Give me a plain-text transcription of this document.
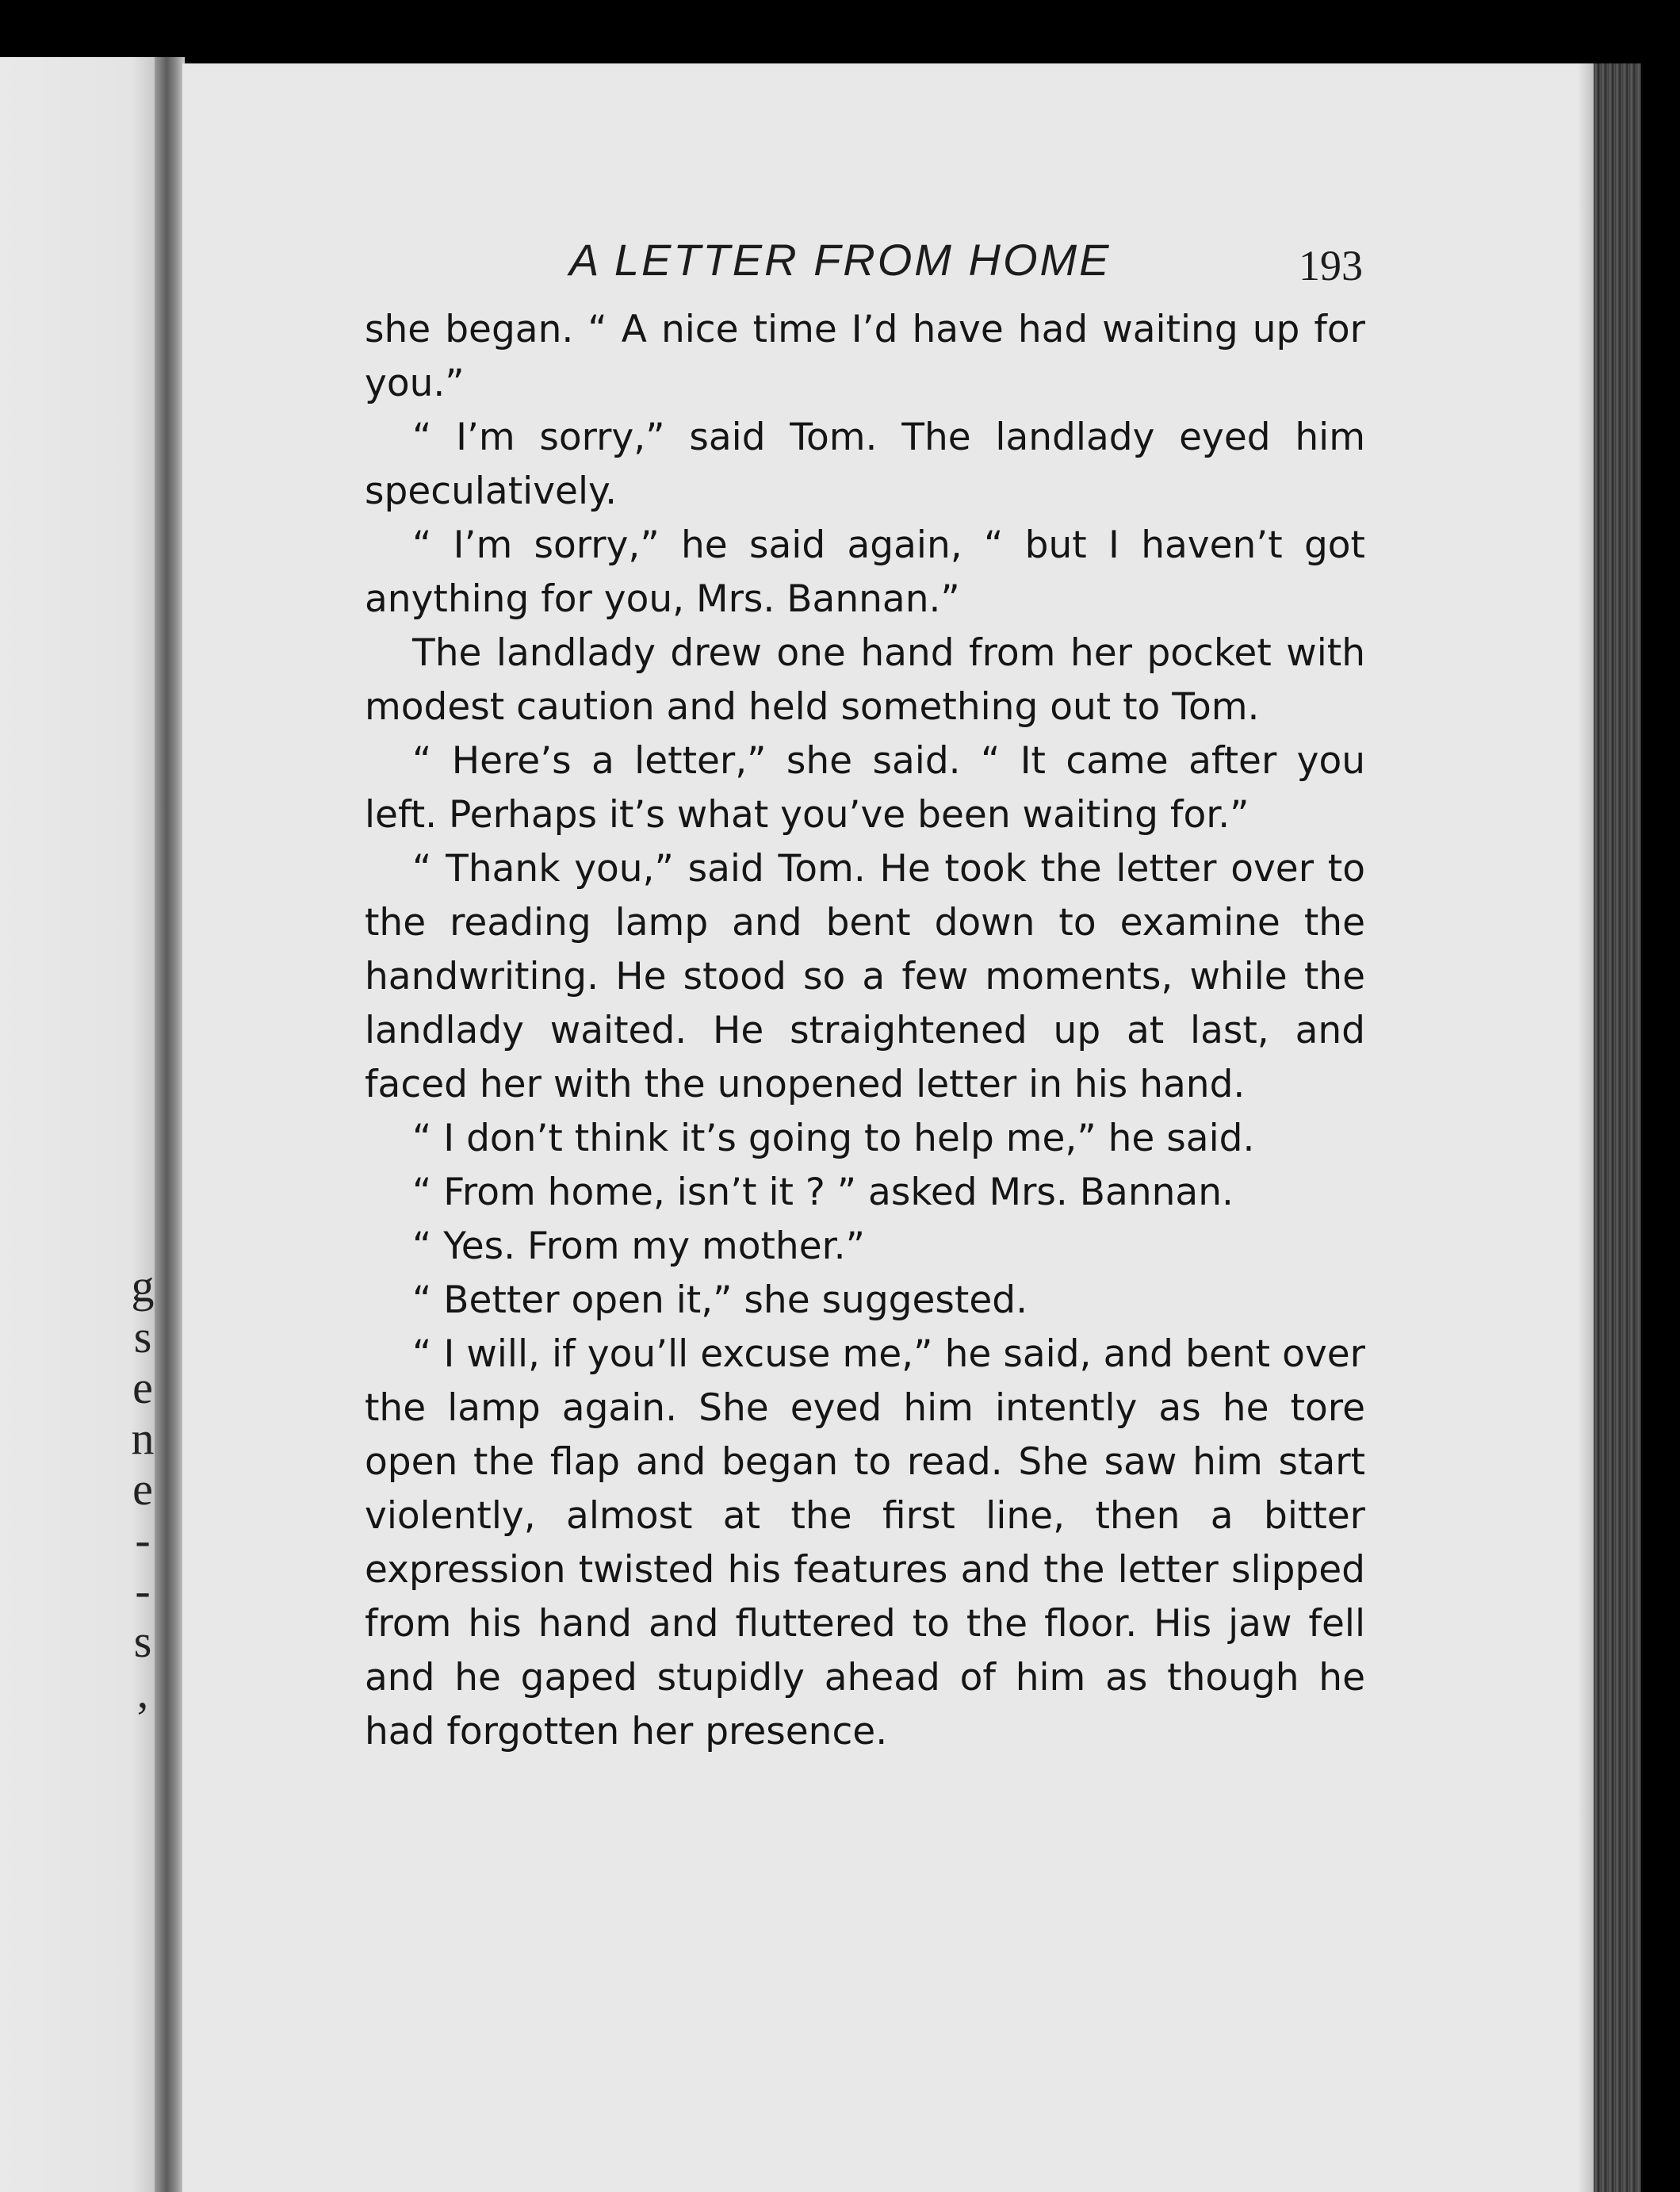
g
s
e
n
e
-
-
s
,
A LETTER FROM HOME	193

she began. “ A nice time I’d have had waiting up for you.”

“ I’m sorry,” said Tom. The landlady eyed him speculatively.

“ I’m sorry,” he said again, “ but I haven’t got anything for you, Mrs. Bannan.”

The landlady drew one hand from her pocket with modest caution and held something out to Tom.

“ Here’s a letter,” she said. “ It came after you left. Perhaps it’s what you’ve been waiting for.”

“ Thank you,” said Tom. He took the letter over to the reading lamp and bent down to examine the handwriting. He stood so a few moments, while the landlady waited. He straightened up at last, and faced her with the unopened letter in his hand.

“ I don’t think it’s going to help me,” he said.

“ From home, isn’t it ? ” asked Mrs. Bannan.

“ Yes. From my mother.”

“ Better open it,” she suggested.

“ I will, if you’ll excuse me,” he said, and bent over the lamp again. She eyed him intently as he tore open the flap and began to read. She saw him start violently, almost at the first line, then a bitter expression twisted his features and the letter slipped from his hand and fluttered to the floor. His jaw fell and he gaped stupidly ahead of him as though he had forgotten her presence.
